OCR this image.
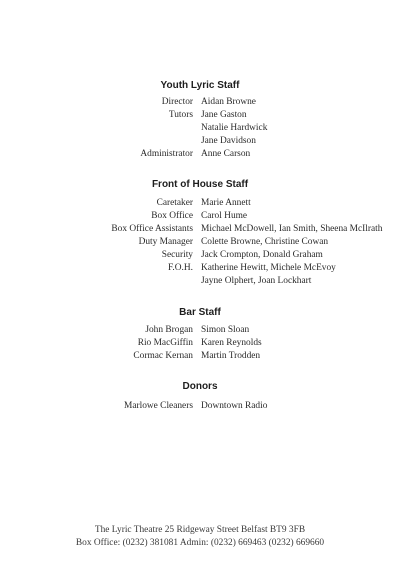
Youth Lyric Staff
Director Aidan Browne
Tutors Jane Gaston
Natalie Hardwick
Jane Davidson
Administrator Anne Carson
Front of House Staff
Caretaker Marie Annett
Box Office Carol Hume
Box Office Assistants Michael McDowell, Ian Smith, Sheena McIlrath
Duty Manager Colette Browne, Christine Cowan
Security Jack Crompton, Donald Graham
F.O.H. Katherine Hewitt, Michele McEvoy
Jayne Olphert, Joan Lockhart
Bar Staff
John Brogan Simon Sloan
Rio MacGiffin Karen Reynolds
Cormac Kernan Martin Trodden
Donors
Marlowe Cleaners Downtown Radio
The Lyric Theatre 25 Ridgeway Street Belfast BT9 3FB
Box Office: (0232) 381081 Admin: (0232) 669463 (0232) 669660
